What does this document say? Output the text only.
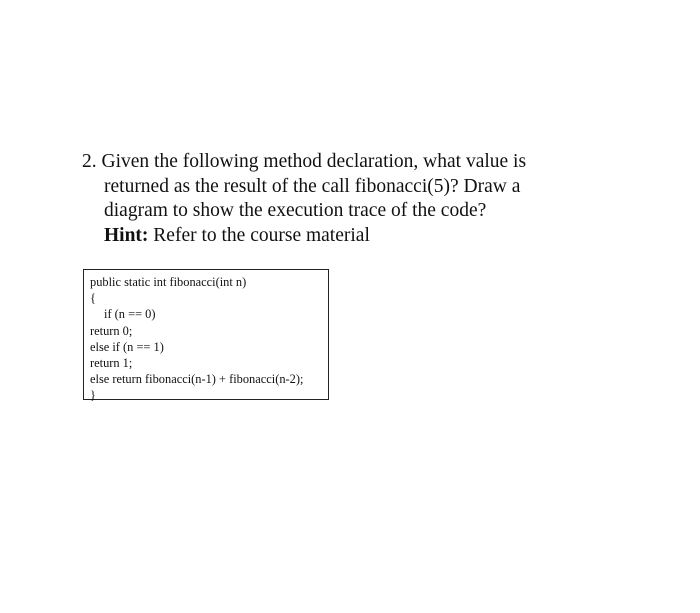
2. Given the following method declaration, what value is
returned as the result of the call fibonacci(5)? Draw a
diagram to show the execution trace of the code?
Hint: Refer to the course material
public static int fibonacci(int n)
{
if (n == 0)
return 0;
else if (n == 1)
return 1;
else return fibonacci(n-1) + fibonacci(n-2);
}
